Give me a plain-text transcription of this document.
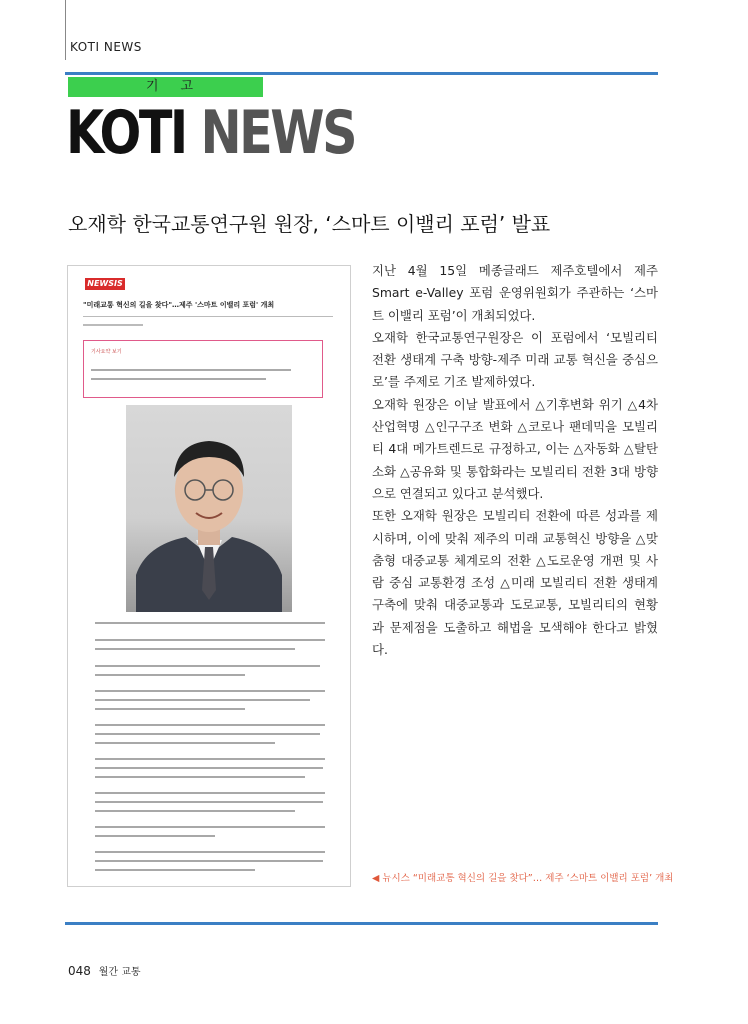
KOTI NEWS
기고
KOTI NEWS
오재학 한국교통연구원 원장, ‘스마트 이밸리 포럼’ 발표
NEWSIS
"미래교통 혁신의 길을 찾다"…제주 '스마트 이밸리 포럼' 개최
기사요약 보기

지난 4월 15일 메종글래드 제주호텔에서 제주 Smart e-Valley 포럼 운영위원회가 주관하는 ‘스마트 이밸리 포럼’이 개최되었다.

오재학 한국교통연구원장은 이 포럼에서 ‘모빌리티 전환 생태계 구축 방향-제주 미래 교통 혁신을 중심으로’를 주제로 기조 발제하였다.

오재학 원장은 이날 발표에서 △기후변화 위기 △4차 산업혁명 △인구구조 변화 △코로나 팬데믹을 모빌리티 4대 메가트렌드로 규정하고, 이는 △자동화 △탈탄소화 △공유화 및 통합화라는 모빌리티 전환 3대 방향으로 연결되고 있다고 분석했다.

또한 오재학 원장은 모빌리티 전환에 따른 성과를 제시하며, 이에 맞춰 제주의 미래 교통혁신 방향을 △맞춤형 대중교통 체계로의 전환 △도로운영 개편 및 사람 중심 교통환경 조성 △미래 모빌리티 전환 생태계 구축에 맞춰 대중교통과 도로교통, 모빌리티의 현황과 문제점을 도출하고 해법을 모색해야 한다고 밝혔다.

◀ 뉴시스 “미래교통 혁신의 길을 찾다”… 제주 ‘스마트 이밸리 포럼’ 개최
048 월간 교통
